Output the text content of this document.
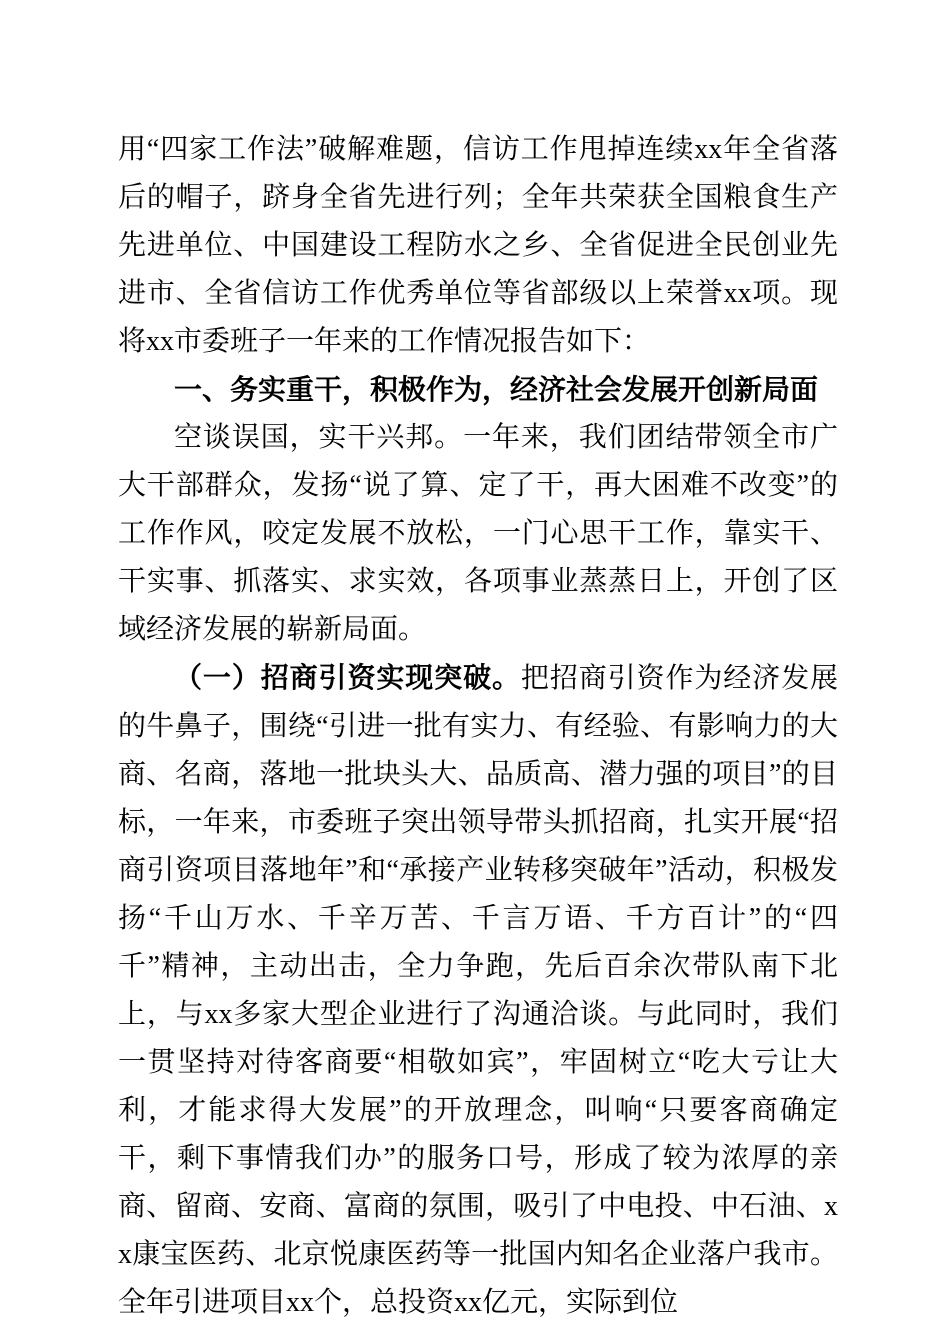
用“四家工作法”破解难题，信访工作甩掉连续xx年全省落后的帽子，跻身全省先进行列；全年共荣获全国粮食生产先进单位、中国建设工程防水之乡、全省促进全民创业先进市、全省信访工作优秀单位等省部级以上荣誉xx项。现将xx市委班子一年来的工作情况报告如下：

一、务实重干，积极作为，经济社会发展开创新局面

空谈误国，实干兴邦。一年来，我们团结带领全市广大干部群众，发扬“说了算、定了干，再大困难不改变”的工作作风，咬定发展不放松，一门心思干工作，靠实干、干实事、抓落实、求实效，各项事业蒸蒸日上，开创了区域经济发展的崭新局面。

（一）招商引资实现突破。把招商引资作为经济发展的牛鼻子，围绕“引进一批有实力、有经验、有影响力的大商、名商，落地一批块头大、品质高、潜力强的项目”的目标，一年来，市委班子突出领导带头抓招商，扎实开展“招商引资项目落地年”和“承接产业转移突破年”活动，积极发扬“千山万水、千辛万苦、千言万语、千方百计”的“四千”精神，主动出击，全力争跑，先后百余次带队南下北上，与xx多家大型企业进行了沟通洽谈。与此同时，我们一贯坚持对待客商要“相敬如宾”，牢固树立“吃大亏让大利，才能求得大发展”的开放理念，叫响“只要客商确定干，剩下事情我们办”的服务口号，形成了较为浓厚的亲商、留商、安商、富商的氛围，吸引了中电投、中石油、xx康宝医药、北京悦康医药等一批国内知名企业落户我市。全年引进项目xx个，总投资xx亿元，实际到位
